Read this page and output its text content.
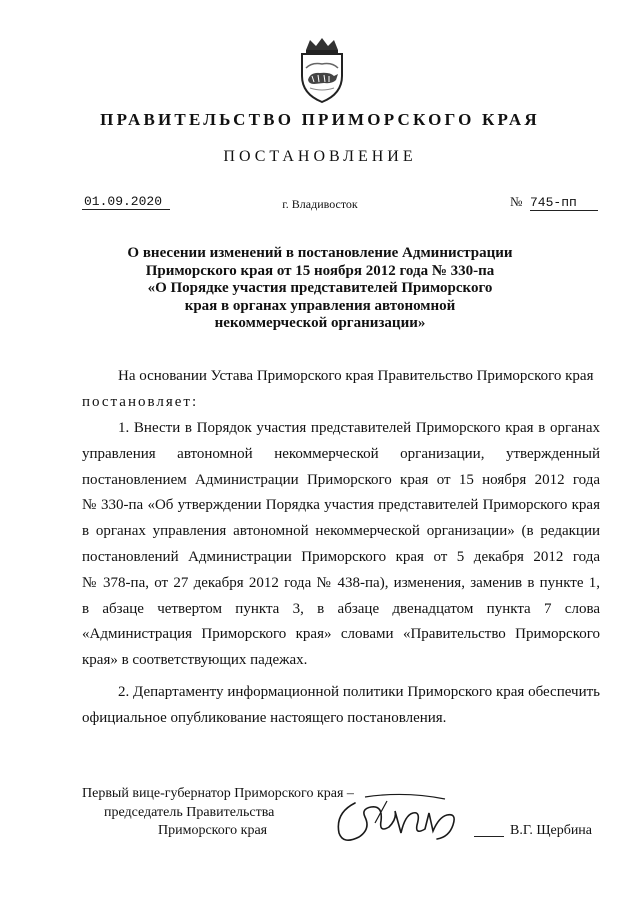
ПРАВИТЕЛЬСТВО ПРИМОРСКОГО КРАЯ
ПОСТАНОВЛЕНИЕ
01.09.2020	г. Владивосток	№ 745-пп
О внесении изменений в постановление Администрации
Приморского края от 15 ноября 2012 года № 330-па
«О Порядке участия представителей Приморского
края в органах управления автономной
некоммерческой организации»
На основании Устава Приморского края Правительство Приморского края
постановляет:
1. Внести в Порядок участия представителей Приморского края в органах
управления автономной некоммерческой организации, утвержденный
постановлением Администрации Приморского края от 15 ноября 2012 года
№ 330-па «Об утверждении Порядка участия представителей Приморского края
в органах управления автономной некоммерческой организации» (в редакции
постановлений Администрации Приморского края от 5 декабря 2012 года
№ 378-па, от 27 декабря 2012 года № 438-па), изменения, заменив в пункте 1,
в абзаце четвертом пункта 3, в абзаце двенадцатом пункта 7 слова
«Администрация Приморского края» словами «Правительство Приморского
края» в соответствующих падежах.
2. Департаменту информационной политики Приморского края обеспечить
официальное опубликование настоящего постановления.
Первый вице-губернатор Приморского края –
председатель Правительства
Приморского края	В.Г. Щербина
